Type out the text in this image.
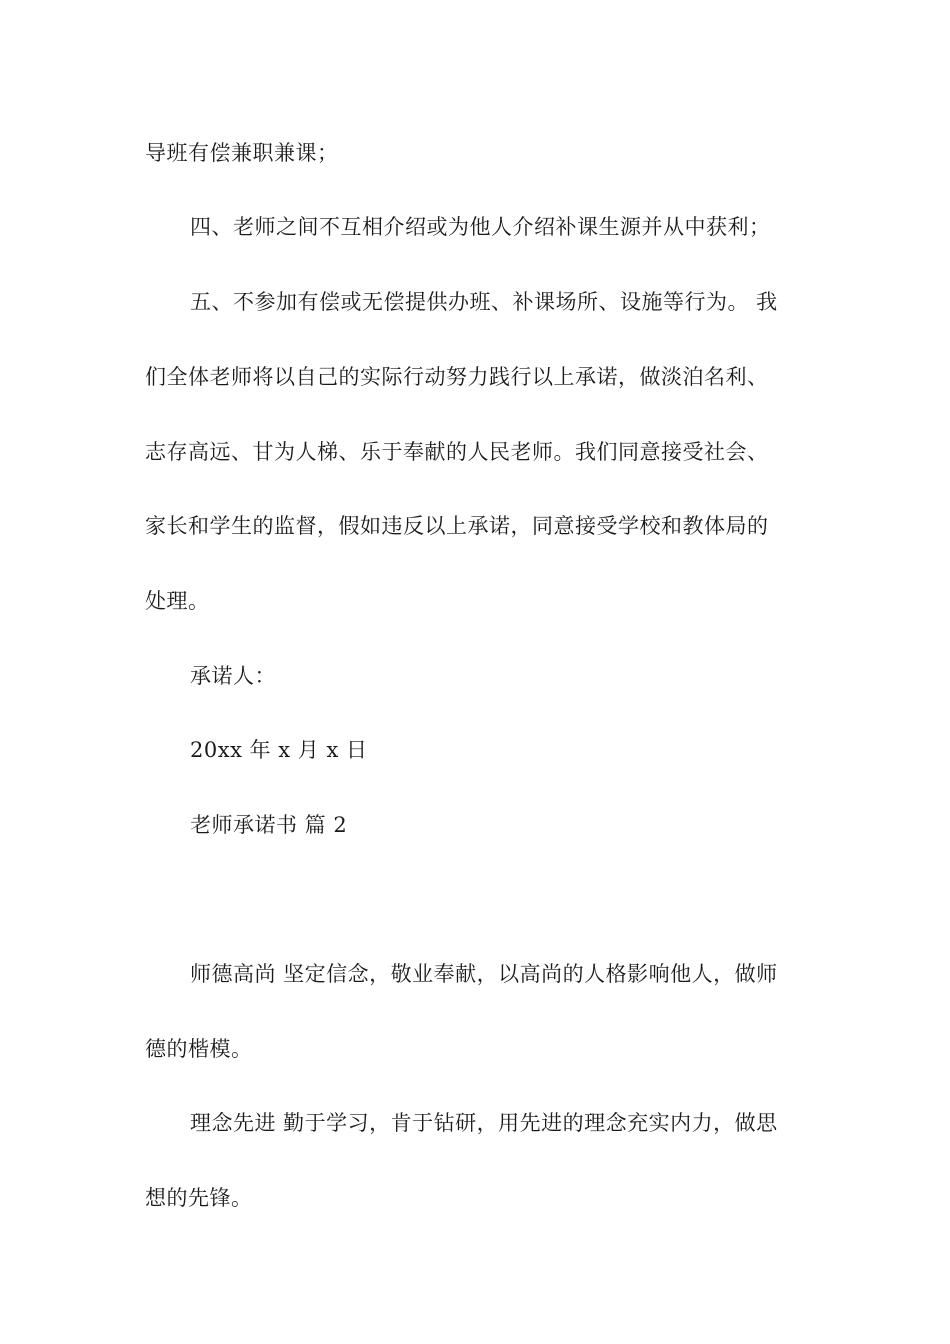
导班有偿兼职兼课；
四、老师之间不互相介绍或为他人介绍补课生源并从中获利；
五、不参加有偿或无偿提供办班、补课场所、设施等行为。 我
们全体老师将以自己的实际行动努力践行以上承诺，做淡泊名利、
志存高远、甘为人梯、乐于奉献的人民老师。我们同意接受社会、
家长和学生的监督，假如违反以上承诺，同意接受学校和教体局的
处理。
承诺人：
20xx 年 x 月 x 日
老师承诺书 篇 2
师德高尚 坚定信念，敬业奉献，以高尚的人格影响他人，做师
德的楷模。
理念先进 勤于学习，肯于钻研，用先进的理念充实内力，做思
想的先锋。
